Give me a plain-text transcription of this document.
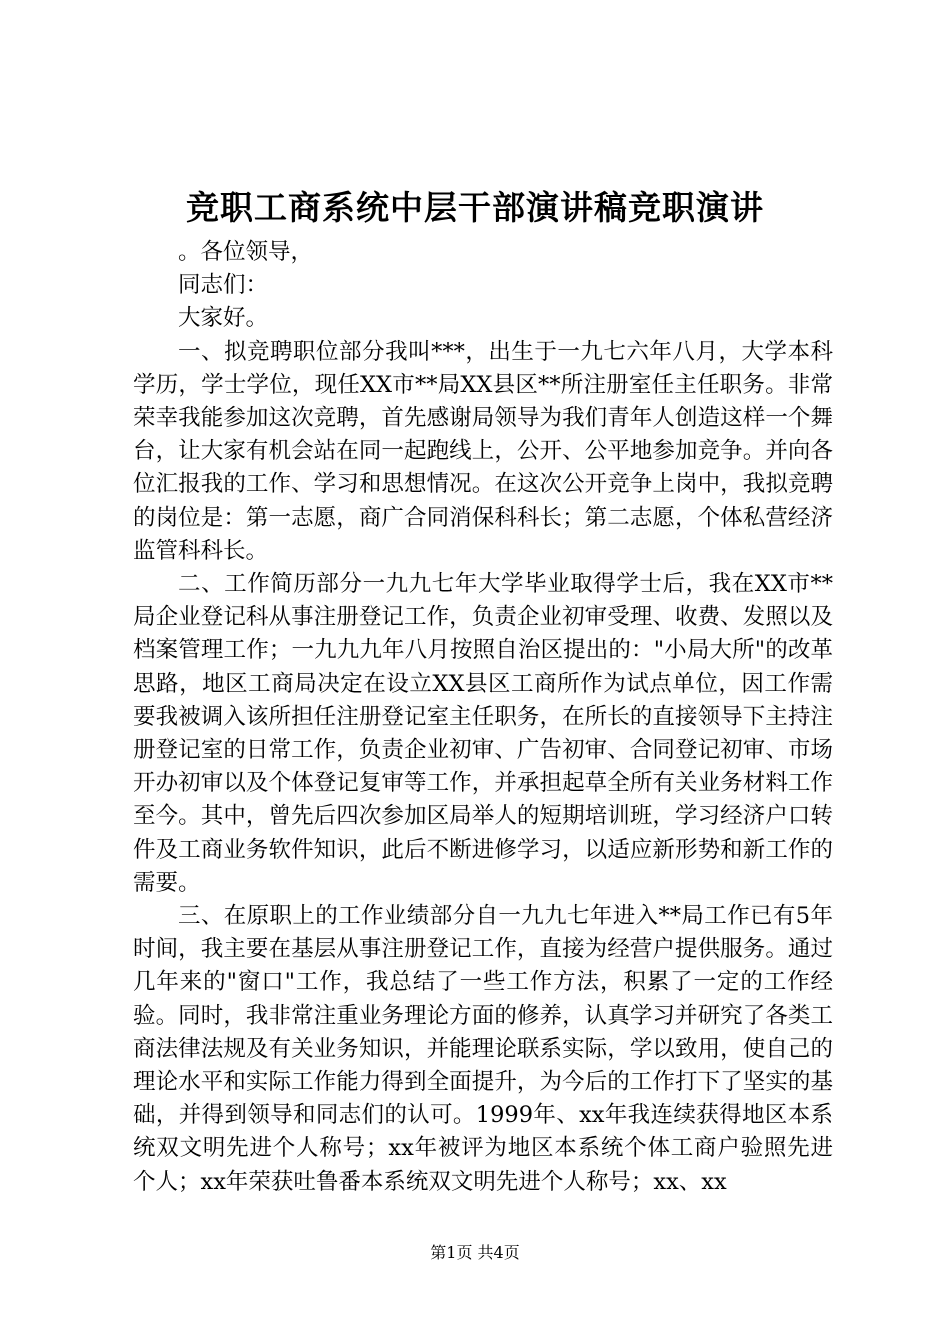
竞职工商系统中层干部演讲稿竞职演讲

。各位领导，

同志们：

大家好。

一、拟竞聘职位部分我叫***，出生于一九七六年八月，大学本科学历，学士学位，现任XX市**局XX县区**所注册室任主任职务。非常荣幸我能参加这次竞聘，首先感谢局领导为我们青年人创造这样一个舞台，让大家有机会站在同一起跑线上，公开、公平地参加竞争。并向各位汇报我的工作、学习和思想情况。在这次公开竞争上岗中，我拟竞聘的岗位是：第一志愿，商广合同消保科科长；第二志愿，个体私营经济监管科科长。

二、工作简历部分一九九七年大学毕业取得学士后，我在XX市**局企业登记科从事注册登记工作，负责企业初审受理、收费、发照以及档案管理工作；一九九九年八月按照自治区提出的："小局大所"的改革思路，地区工商局决定在设立XX县区工商所作为试点单位，因工作需要我被调入该所担任注册登记室主任职务，在所长的直接领导下主持注册登记室的日常工作，负责企业初审、广告初审、合同登记初审、市场开办初审以及个体登记复审等工作，并承担起草全所有关业务材料工作至今。其中，曾先后四次参加区局举人的短期培训班，学习经济户口转件及工商业务软件知识，此后不断进修学习，以适应新形势和新工作的需要。

三、在原职上的工作业绩部分自一九九七年进入**局工作已有5年时间，我主要在基层从事注册登记工作，直接为经营户提供服务。通过几年来的"窗口"工作，我总结了一些工作方法，积累了一定的工作经验。同时，我非常注重业务理论方面的修养，认真学习并研究了各类工商法律法规及有关业务知识，并能理论联系实际，学以致用，使自己的理论水平和实际工作能力得到全面提升，为今后的工作打下了坚实的基础，并得到领导和同志们的认可。1999年、xx年我连续获得地区本系统双文明先进个人称号；xx年被评为地区本系统个体工商户验照先进个人；xx年荣获吐鲁番本系统双文明先进个人称号；xx、xx

第1页 共4页
